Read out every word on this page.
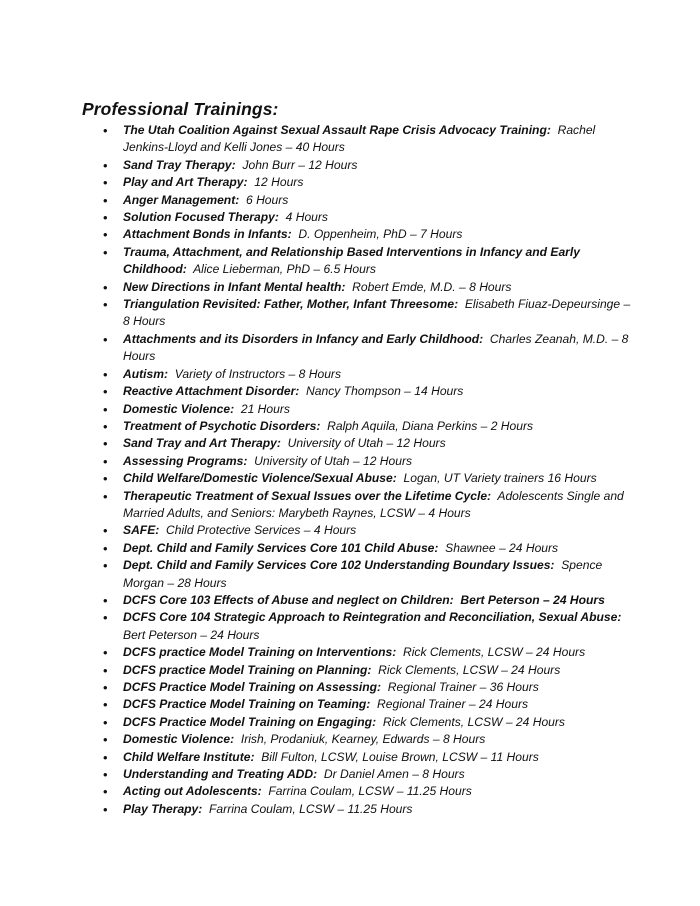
Professional Trainings:
• The Utah Coalition Against Sexual Assault Rape Crisis Advocacy Training: Rachel Jenkins-Lloyd and Kelli Jones – 40 Hours
• Sand Tray Therapy: John Burr – 12 Hours
• Play and Art Therapy: 12 Hours
• Anger Management: 6 Hours
• Solution Focused Therapy: 4 Hours
• Attachment Bonds in Infants: D. Oppenheim, PhD – 7 Hours
• Trauma, Attachment, and Relationship Based Interventions in Infancy and Early Childhood: Alice Lieberman, PhD – 6.5 Hours
• New Directions in Infant Mental health: Robert Emde, M.D. – 8 Hours
• Triangulation Revisited: Father, Mother, Infant Threesome: Elisabeth Fiuaz-Depeursinge – 8 Hours
• Attachments and its Disorders in Infancy and Early Childhood: Charles Zeanah, M.D. – 8 Hours
• Autism: Variety of Instructors – 8 Hours
• Reactive Attachment Disorder: Nancy Thompson – 14 Hours
• Domestic Violence: 21 Hours
• Treatment of Psychotic Disorders: Ralph Aquila, Diana Perkins – 2 Hours
• Sand Tray and Art Therapy: University of Utah – 12 Hours
• Assessing Programs: University of Utah – 12 Hours
• Child Welfare/Domestic Violence/Sexual Abuse: Logan, UT Variety trainers 16 Hours
• Therapeutic Treatment of Sexual Issues over the Lifetime Cycle: Adolescents Single and Married Adults, and Seniors: Marybeth Raynes, LCSW – 4 Hours
• SAFE: Child Protective Services – 4 Hours
• Dept. Child and Family Services Core 101 Child Abuse: Shawnee – 24 Hours
• Dept. Child and Family Services Core 102 Understanding Boundary Issues: Spence Morgan – 28 Hours
• DCFS Core 103 Effects of Abuse and neglect on Children: Bert Peterson – 24 Hours
• DCFS Core 104 Strategic Approach to Reintegration and Reconciliation, Sexual Abuse:  Bert Peterson – 24 Hours
• DCFS practice Model Training on Interventions: Rick Clements, LCSW – 24 Hours
• DCFS practice Model Training on Planning: Rick Clements, LCSW – 24 Hours
• DCFS Practice Model Training on Assessing: Regional Trainer – 36 Hours
• DCFS Practice Model Training on Teaming: Regional Trainer – 24 Hours
• DCFS Practice Model Training on Engaging: Rick Clements, LCSW – 24 Hours
• Domestic Violence: Irish, Prodaniuk, Kearney, Edwards – 8 Hours
• Child Welfare Institute: Bill Fulton, LCSW, Louise Brown, LCSW – 11 Hours
• Understanding and Treating ADD: Dr Daniel Amen – 8 Hours
• Acting out Adolescents: Farrina Coulam, LCSW – 11.25 Hours
• Play Therapy: Farrina Coulam, LCSW – 11.25 Hours
